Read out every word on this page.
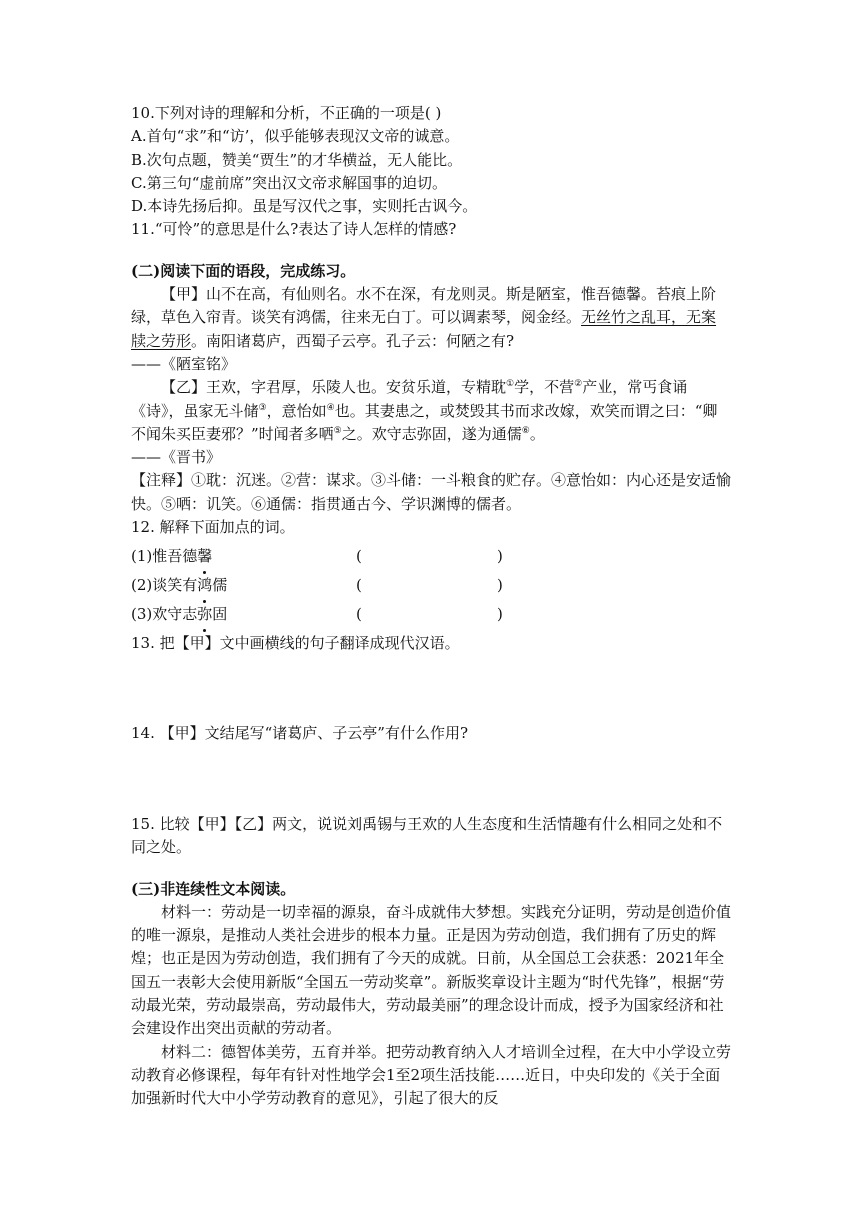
10.下列对诗的理解和分析，不正确的一项是( )

A.首句“求”和“访’，似乎能够表现汉文帝的诚意。

B.次句点题，赞美“贾生”的才华横益，无人能比。

C.第三句“虚前席”突出汉文帝求解国事的迫切。

D.本诗先扬后抑。虽是写汉代之事，实则托古讽今。

11.“可怜”的意思是什么?表达了诗人怎样的情感?

(二)阅读下面的语段，完成练习。

【甲】山不在高，有仙则名。水不在深，有龙则灵。斯是陋室，惟吾德馨。苔痕上阶绿，草色入帘青。谈笑有鸿儒，往来无白丁。可以调素琴，阅金经。无丝竹之乱耳，无案牍之劳形。南阳诸葛庐，西蜀子云亭。孔子云：何陋之有?

——《陋室铭》

【乙】王欢，字君厚，乐陵人也。安贫乐道，专精耽①学，不营②产业，常丐食诵《诗》，虽家无斗储③，意怡如④也。其妻患之，或焚毁其书而求改嫁，欢笑而谓之曰：“卿不闻朱买臣妻邪？”时闻者多哂⑤之。欢守志弥固，遂为通儒⑥。

——《晋书》

【注释】①耽：沉迷。②营：谋求。③斗储：一斗粮食的贮存。④意怡如：内心还是安适愉快。⑤哂：讥笑。⑥通儒：指贯通古今、学识渊博的儒者。

12. 解释下面加点的词。

(1)惟吾德馨	(	)
(2)谈笑有鸿儒	(	)
(3)欢守志弥固	(	)

13. 把【甲】文中画横线的句子翻译成现代汉语。

14. 【甲】文结尾写“诸葛庐、子云亭”有什么作用?

15. 比较【甲】【乙】两文，说说刘禹锡与王欢的人生态度和生活情趣有什么相同之处和不同之处。

(三)非连续性文本阅读。

材料一：劳动是一切幸福的源泉，奋斗成就伟大梦想。实践充分证明，劳动是创造价值的唯一源泉，是推动人类社会进步的根本力量。正是因为劳动创造，我们拥有了历史的辉煌；也正是因为劳动创造，我们拥有了今天的成就。日前，从全国总工会获悉：2021年全国五一表彰大会使用新版“全国五一劳动奖章”。新版奖章设计主题为“时代先锋”，根据“劳动最光荣，劳动最崇高，劳动最伟大，劳动最美丽”的理念设计而成，授予为国家经济和社会建设作出突出贡献的劳动者。

材料二：德智体美劳，五育并举。把劳动教育纳入人才培训全过程，在大中小学设立劳动教育必修课程，每年有针对性地学会1至2项生活技能……近日，中央印发的《关于全面加强新时代大中小学劳动教育的意见》，引起了很大的反
